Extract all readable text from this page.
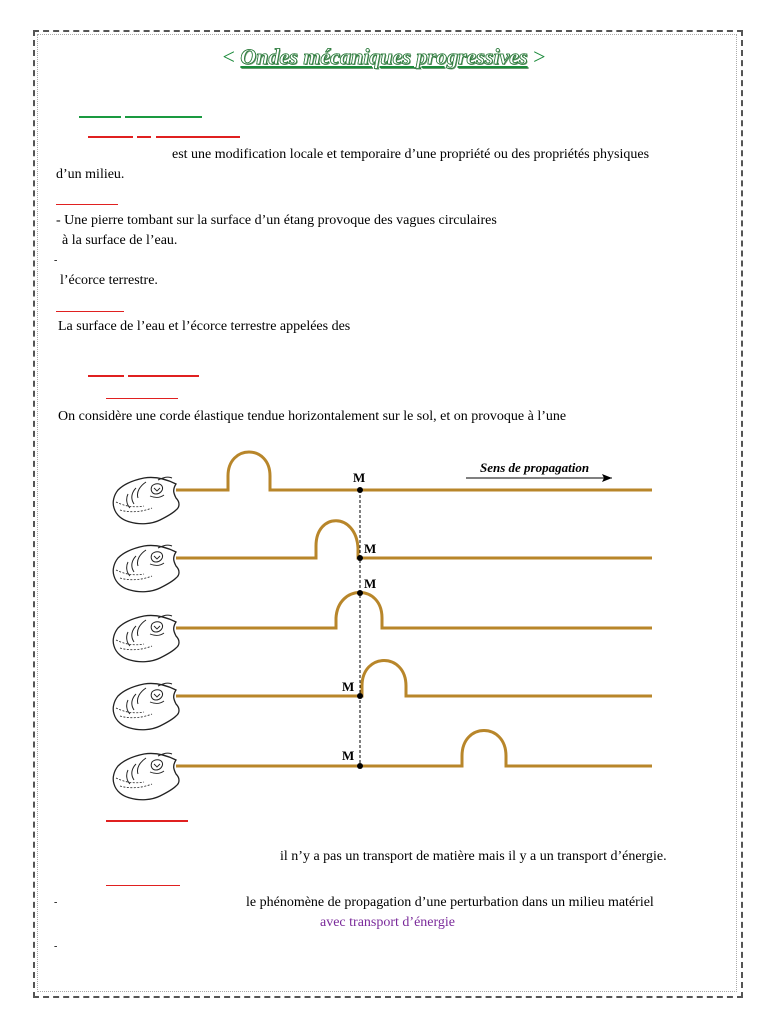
< Ondes mécaniques progressives >
est une modification locale et temporaire d’une propriété ou des propriétés physiques
d’un milieu.
- Une pierre tombant sur la surface d’un étang provoque des vagues circulaires
à la surface de l’eau.
-
l’écorce terrestre.
La surface de l’eau et l’écorce terrestre appelées des
On considère une corde élastique tendue horizontalement sur le sol, et on provoque à l’une
Sens de propagation
M
M
M
M
M
il n’y a pas un transport de matière mais il y a un transport d’énergie.
-	le phénomène de propagation d’une perturbation dans un milieu matériel
avec transport d’énergie
-
